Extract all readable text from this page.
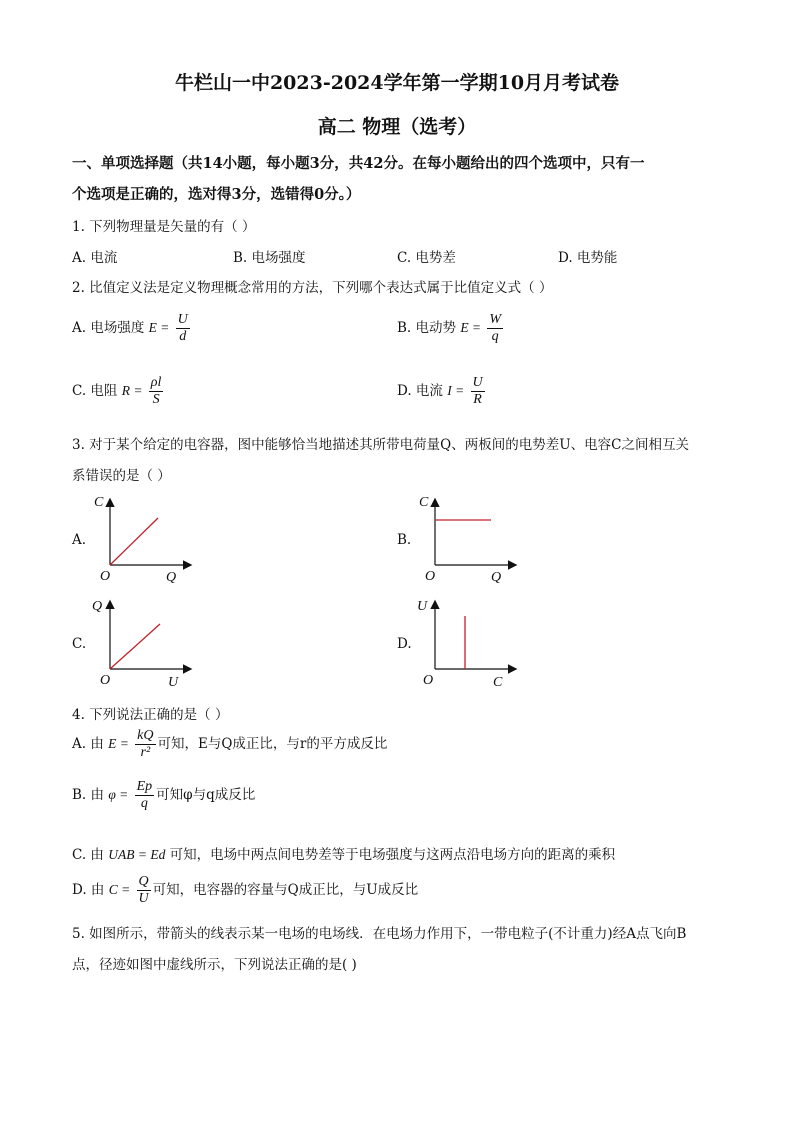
牛栏山一中2023-2024学年第一学期10月月考试卷
高二 物理（选考）
一、单项选择题（共14小题，每小题3分，共42分。在每小题给出的四个选项中，只有一
个选项是正确的，选对得3分，选错得0分。）
1. 下列物理量是矢量的有（ ）
A. 电流	B. 电场强度	C. 电势差	D. 电势能
2. 比值定义法是定义物理概念常用的方法，下列哪个表达式属于比值定义式（ ）
A. 电场强度 $E = \frac{U}{d}$	B. 电动势 $E = \frac{W}{q}$
C. 电阻 $R = \frac{\rho l}{S}$	D. 电流 $I = \frac{U}{R}$
3. 对于某个给定的电容器，图中能够恰当地描述其所带电荷量Q、两板间的电势差U、电容C之间相互关
系错误的是（ ）
A.	B.
C.	D.
C
Q
O
C
Q
O
Q
U
O
U
C
O
4. 下列说法正确的是（ ）
A. 由 $E = \frac{kQ}{\text{r²}}$ 可知，E与Q成正比，与r的平方成反比
B. 由 $\varphi = \frac{Ep}{q}$ 可知φ与q成反比
C. 由 UAB = Ed 可知，电场中两点间电势差等于电场强度与这两点沿电场方向的距离的乘积
D. 由 $C = \frac{Q}{U}$ 可知，电容器的容量与Q成正比，与U成反比
5. 如图所示，带箭头的线表示某一电场的电场线．在电场力作用下，一带电粒子(不计重力)经A点飞向B
点，径迹如图中虚线所示，下列说法正确的是( )
